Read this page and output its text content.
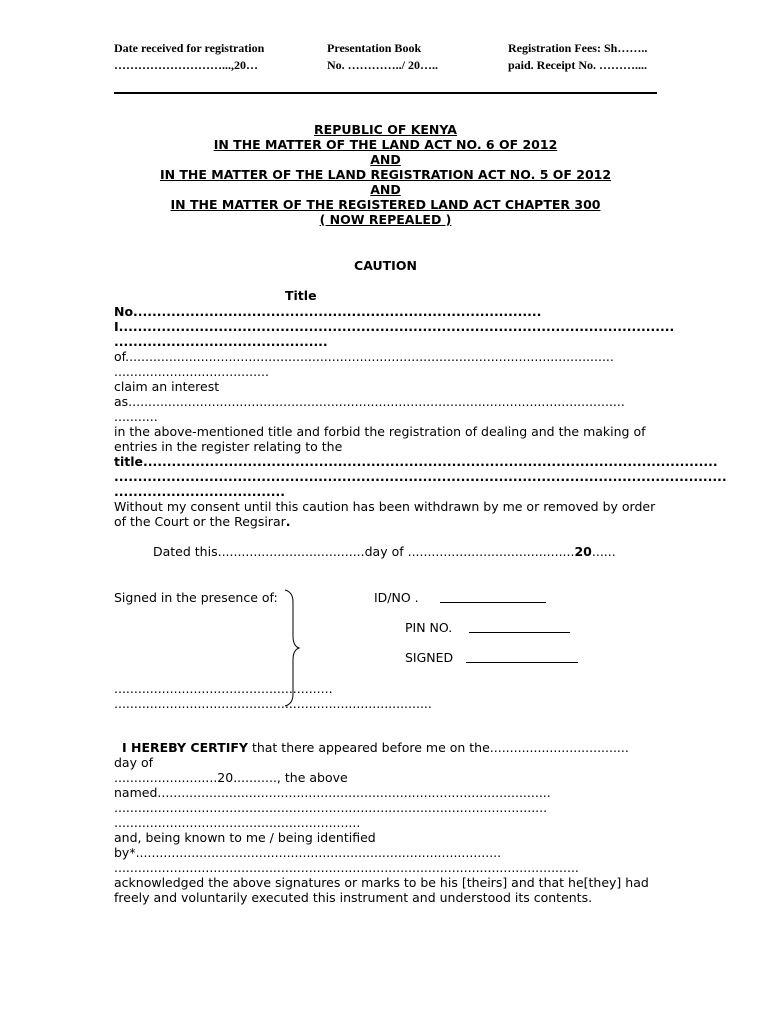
Date received for registration
………………………...,20…
Presentation Book
No. …………../ 20…..
Registration Fees: Sh……..
paid. Receipt No. ………....
REPUBLIC OF KENYA
IN THE MATTER OF THE LAND ACT NO. 6 OF 2012
AND
IN THE MATTER OF THE LAND REGISTRATION ACT NO. 5 OF 2012
AND
IN THE MATTER OF THE REGISTERED LAND ACT CHAPTER 300
( NOW REPEALED )
CAUTION
Title
No......................................................................................
I.....................................................................................................................
.............................................
of...........................................................................................................................
.......................................
claim an interest
as.............................................................................................................................
...........
in the above-mentioned title and forbid the registration of dealing and the making of entries in the register relating to the
title.........................................................................................................................
.................................................................................................................................
....................................
Without my consent until this caution has been withdrawn by me or removed by order of the Court or the Regsirar.
Dated this.....................................day of ..........................................20......
Signed in the presence of:	ID/NO .
PIN NO.
SIGNED
.......................................................
................................................................................
I HEREBY CERTIFY that there appeared before me on the...................................
day of
..........................20..........., the above
named...................................................................................................
.............................................................................................................
..............................................................
and, being known to me / being identified
by*............................................................................................
.....................................................................................................................
acknowledged the above signatures or marks to be his [theirs] and that he[they] had freely and voluntarily executed this instrument and understood its contents.
